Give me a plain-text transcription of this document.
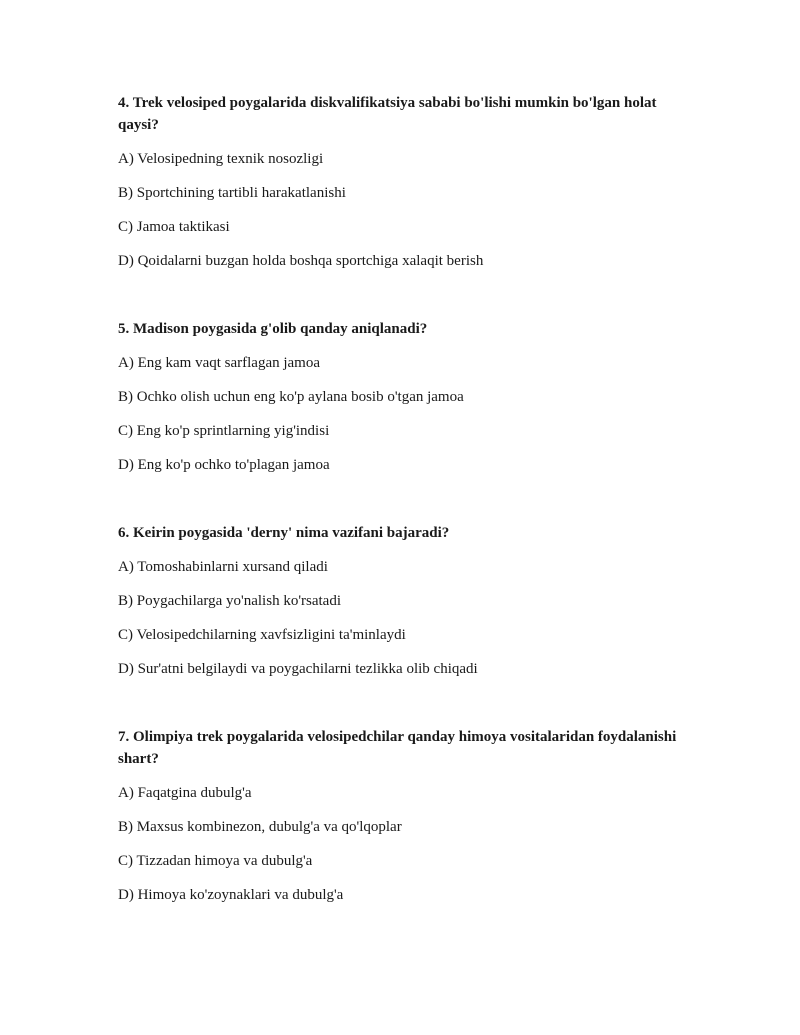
4. Trek velosiped poygalarida diskvalifikatsiya sababi bo'lishi mumkin bo'lgan holat qaysi?

A) Velosipedning texnik nosozligi

B) Sportchining tartibli harakatlanishi

C) Jamoa taktikasi

D) Qoidalarni buzgan holda boshqa sportchiga xalaqit berish

5. Madison poygasida g'olib qanday aniqlanadi?

A) Eng kam vaqt sarflagan jamoa

B) Ochko olish uchun eng ko'p aylana bosib o'tgan jamoa

C) Eng ko'p sprintlarning yig'indisi

D) Eng ko'p ochko to'plagan jamoa

6. Keirin poygasida 'derny' nima vazifani bajaradi?

A) Tomoshabinlarni xursand qiladi

B) Poygachilarga yo'nalish ko'rsatadi

C) Velosipedchilarning xavfsizligini ta'minlaydi

D) Sur'atni belgilaydi va poygachilarni tezlikka olib chiqadi

7. Olimpiya trek poygalarida velosipedchilar qanday himoya vositalaridan foydalanishi shart?

A) Faqatgina dubulg'a

B) Maxsus kombinezon, dubulg'a va qo'lqoplar

C) Tizzadan himoya va dubulg'a

D) Himoya ko'zoynaklari va dubulg'a
